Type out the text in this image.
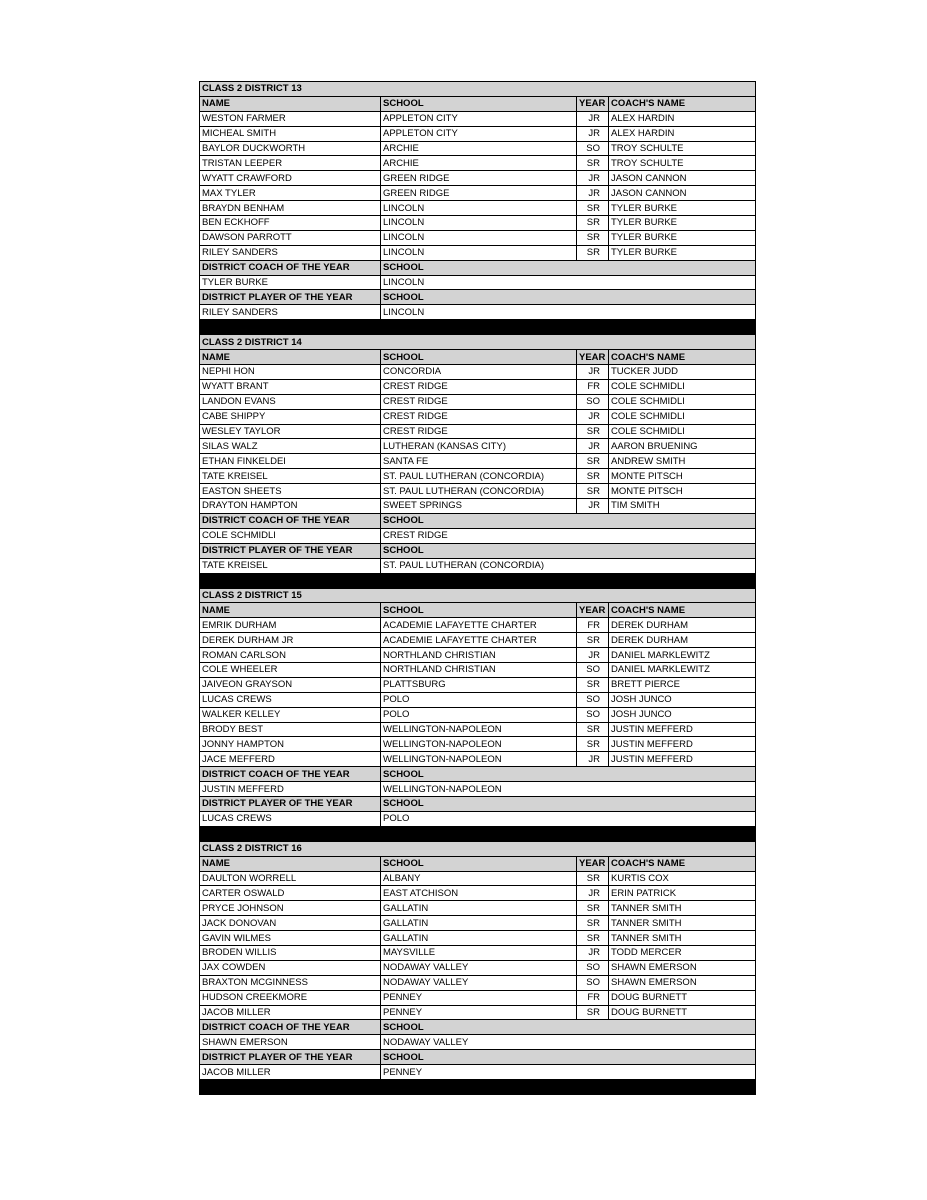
CLASS 2 DISTRICT 13			
NAME	SCHOOL	YEAR	COACH'S NAME
WESTON FARMER	APPLETON CITY	JR	ALEX HARDIN
MICHEAL SMITH	APPLETON CITY	JR	ALEX HARDIN
BAYLOR DUCKWORTH	ARCHIE	SO	TROY SCHULTE
TRISTAN LEEPER	ARCHIE	SR	TROY SCHULTE
WYATT CRAWFORD	GREEN RIDGE	JR	JASON CANNON
MAX TYLER	GREEN RIDGE	JR	JASON CANNON
BRAYDN BENHAM	LINCOLN	SR	TYLER BURKE
BEN ECKHOFF	LINCOLN	SR	TYLER BURKE
DAWSON PARROTT	LINCOLN	SR	TYLER BURKE
RILEY SANDERS	LINCOLN	SR	TYLER BURKE
DISTRICT COACH OF THE YEAR	SCHOOL		
TYLER BURKE	LINCOLN		
DISTRICT PLAYER OF THE YEAR	SCHOOL		
RILEY SANDERS	LINCOLN		

CLASS 2 DISTRICT 14			
NAME	SCHOOL	YEAR	COACH'S NAME
NEPHI HON	CONCORDIA	JR	TUCKER JUDD
WYATT BRANT	CREST RIDGE	FR	COLE SCHMIDLI
LANDON EVANS	CREST RIDGE	SO	COLE SCHMIDLI
CABE SHIPPY	CREST RIDGE	JR	COLE SCHMIDLI
WESLEY TAYLOR	CREST RIDGE	SR	COLE SCHMIDLI
SILAS WALZ	LUTHERAN (KANSAS CITY)	JR	AARON BRUENING
ETHAN FINKELDEI	SANTA FE	SR	ANDREW SMITH
TATE KREISEL	ST. PAUL LUTHERAN (CONCORDIA)	SR	MONTE PITSCH
EASTON SHEETS	ST. PAUL LUTHERAN (CONCORDIA)	SR	MONTE PITSCH
DRAYTON HAMPTON	SWEET SPRINGS	JR	TIM SMITH
DISTRICT COACH OF THE YEAR	SCHOOL		
COLE SCHMIDLI	CREST RIDGE		
DISTRICT PLAYER OF THE YEAR	SCHOOL		
TATE KREISEL	ST. PAUL LUTHERAN (CONCORDIA)		

CLASS 2 DISTRICT 15			
NAME	SCHOOL	YEAR	COACH'S NAME
EMRIK DURHAM	ACADEMIE LAFAYETTE CHARTER	FR	DEREK DURHAM
DEREK DURHAM JR	ACADEMIE LAFAYETTE CHARTER	SR	DEREK DURHAM
ROMAN CARLSON	NORTHLAND CHRISTIAN	JR	DANIEL MARKLEWITZ
COLE WHEELER	NORTHLAND CHRISTIAN	SO	DANIEL MARKLEWITZ
JAIVEON GRAYSON	PLATTSBURG	SR	BRETT PIERCE
LUCAS CREWS	POLO	SO	JOSH JUNCO
WALKER KELLEY	POLO	SO	JOSH JUNCO
BRODY BEST	WELLINGTON-NAPOLEON	SR	JUSTIN MEFFERD
JONNY HAMPTON	WELLINGTON-NAPOLEON	SR	JUSTIN MEFFERD
JACE MEFFERD	WELLINGTON-NAPOLEON	JR	JUSTIN MEFFERD
DISTRICT COACH OF THE YEAR	SCHOOL		
JUSTIN MEFFERD	WELLINGTON-NAPOLEON		
DISTRICT PLAYER OF THE YEAR	SCHOOL		
LUCAS CREWS	POLO		

CLASS 2 DISTRICT 16			
NAME	SCHOOL	YEAR	COACH'S NAME
DAULTON WORRELL	ALBANY	SR	KURTIS COX
CARTER OSWALD	EAST ATCHISON	JR	ERIN PATRICK
PRYCE JOHNSON	GALLATIN	SR	TANNER SMITH
JACK DONOVAN	GALLATIN	SR	TANNER SMITH
GAVIN WILMES	GALLATIN	SR	TANNER SMITH
BRODEN WILLIS	MAYSVILLE	JR	TODD MERCER
JAX COWDEN	NODAWAY VALLEY	SO	SHAWN EMERSON
BRAXTON MCGINNESS	NODAWAY VALLEY	SO	SHAWN EMERSON
HUDSON CREEKMORE	PENNEY	FR	DOUG BURNETT
JACOB MILLER	PENNEY	SR	DOUG BURNETT
DISTRICT COACH OF THE YEAR	SCHOOL		
SHAWN EMERSON	NODAWAY VALLEY		
DISTRICT PLAYER OF THE YEAR	SCHOOL		
JACOB MILLER	PENNEY		
